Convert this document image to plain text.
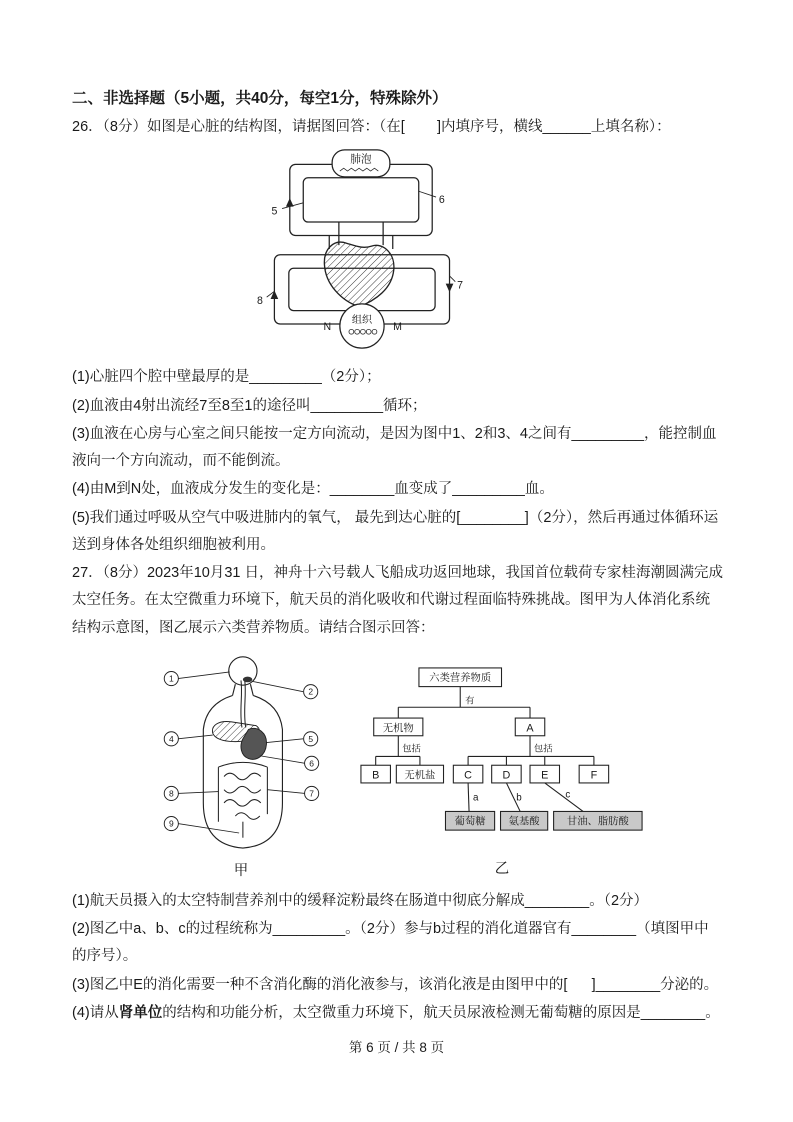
二、非选择题（5小题，共40分，每空1分，特殊除外）

26．（8分）如图是心脏的结构图，请据图回答：（在[        ]内填序号，横线______上填名称）：

肺泡
组织
N	M
5
6
7
8

(1)心脏四个腔中壁最厚的是_________（2分）；

(2)血液由4射出流经7至8至1的途径叫_________循环；

(3)血液在心房与心室之间只能按一定方向流动，是因为图中1、2和3、4之间有_________，能控制血液向一个方向流动，而不能倒流。

(4)由M到N处，血液成分发生的变化是：________血变成了_________血。

(5)我们通过呼吸从空气中吸进肺内的氧气， 最先到达心脏的[________]（2分），然后再通过体循环运送到身体各处组织细胞被利用。

27．（8分）2023年10月31 日，神舟十六号载人飞船成功返回地球，我国首位载荷专家桂海潮圆满完成太空任务。在太空微重力环境下，航天员的消化吸收和代谢过程面临特殊挑战。图甲为人体消化系统结构示意图，图乙展示六类营养物质。请结合图示回答：

1
2
4	5
6
7
8
9
甲
六类营养物质
有
无机物	A
包括	包括
B 无机盐	C	D	E	F
a	b	c
葡萄糖 氨基酸	甘油、脂肪酸
乙

(1)航天员摄入的太空特制营养剂中的缓释淀粉最终在肠道中彻底分解成________。（2分）

(2)图乙中a、b、c的过程统称为_________。（2分）参与b过程的消化道器官有________（填图甲中的序号）。

(3)图乙中E的消化需要一种不含消化酶的消化液参与，该消化液是由图甲中的[      ]________分泌的。

(4)请从肾单位的结构和功能分析，太空微重力环境下，航天员尿液检测无葡萄糖的原因是________。

第 6 页 / 共 8 页
